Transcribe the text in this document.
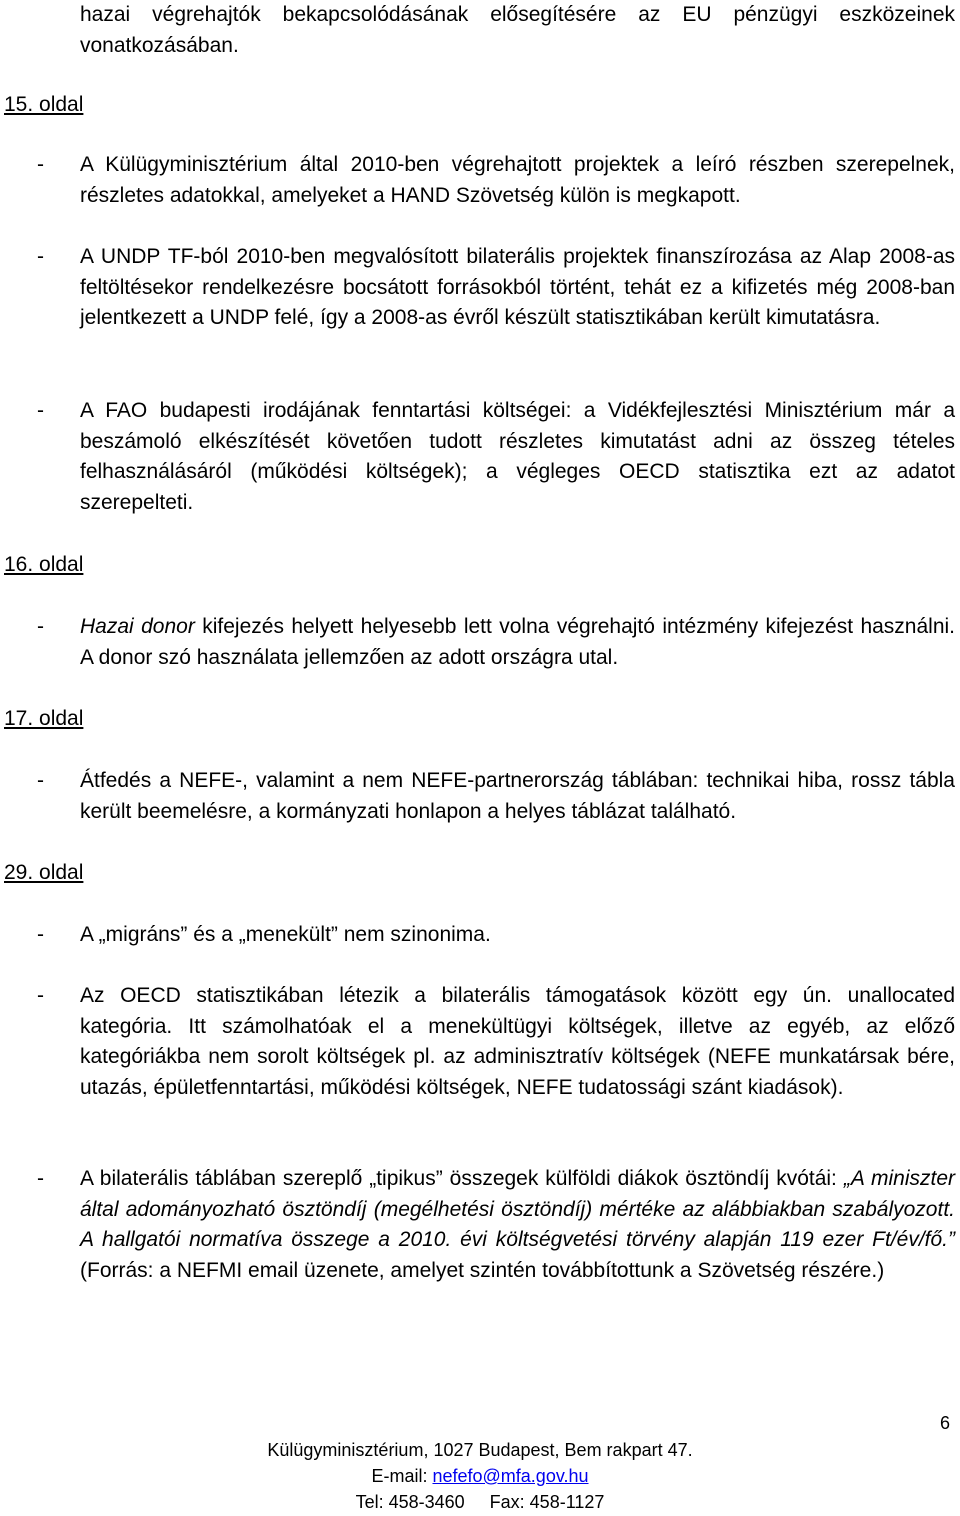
hazai végrehajtók bekapcsolódásának elősegítésére az EU pénzügyi eszközeinek vonatkozásában.

15. oldal

- A Külügyminisztérium által 2010-ben végrehajtott projektek a leíró részben szerepelnek, részletes adatokkal, amelyeket a HAND Szövetség külön is megkapott.
- A UNDP TF-ból 2010-ben megvalósított bilaterális projektek finanszírozása az Alap 2008-as feltöltésekor rendelkezésre bocsátott forrásokból történt, tehát ez a kifizetés még 2008-ban jelentkezett a UNDP felé, így a 2008-as évről készült statisztikában került kimutatásra.
- A FAO budapesti irodájának fenntartási költségei: a Vidékfejlesztési Minisztérium már a beszámoló elkészítését követően tudott részletes kimutatást adni az összeg tételes felhasználásáról (működési költségek); a végleges OECD statisztika ezt az adatot szerepelteti.

16. oldal

- Hazai donor kifejezés helyett helyesebb lett volna végrehajtó intézmény kifejezést használni. A donor szó használata jellemzően az adott országra utal.

17. oldal

- Átfedés a NEFE-, valamint a nem NEFE-partnerország táblában: technikai hiba, rossz tábla került beemelésre, a kormányzati honlapon a helyes táblázat található.

29. oldal

- A „migráns” és a „menekült” nem szinonima.
- Az OECD statisztikában létezik a bilaterális támogatások között egy ún. unallocated kategória. Itt számolhatóak el a menekültügyi költségek, illetve az egyéb, az előző kategóriákba nem sorolt költségek pl. az adminisztratív költségek (NEFE munkatársak bére, utazás, épületfenntartási, működési költségek, NEFE tudatossági szánt kiadások).
- A bilaterális táblában szereplő „tipikus” összegek külföldi diákok ösztöndíj kvótái: „A miniszter által adományozható ösztöndíj (megélhetési ösztöndíj) mértéke az alábbiakban szabályozott. A hallgatói normatíva összege a 2010. évi költségvetési törvény alapján 119 ezer Ft/év/fő.” (Forrás: a NEFMI email üzenete, amelyet szintén továbbítottunk a Szövetség részére.)

6

Külügyminisztérium, 1027 Budapest, Bem rakpart 47.

E-mail: nefefo@mfa.gov.hu

Tel: 458-3460     Fax: 458-1127
